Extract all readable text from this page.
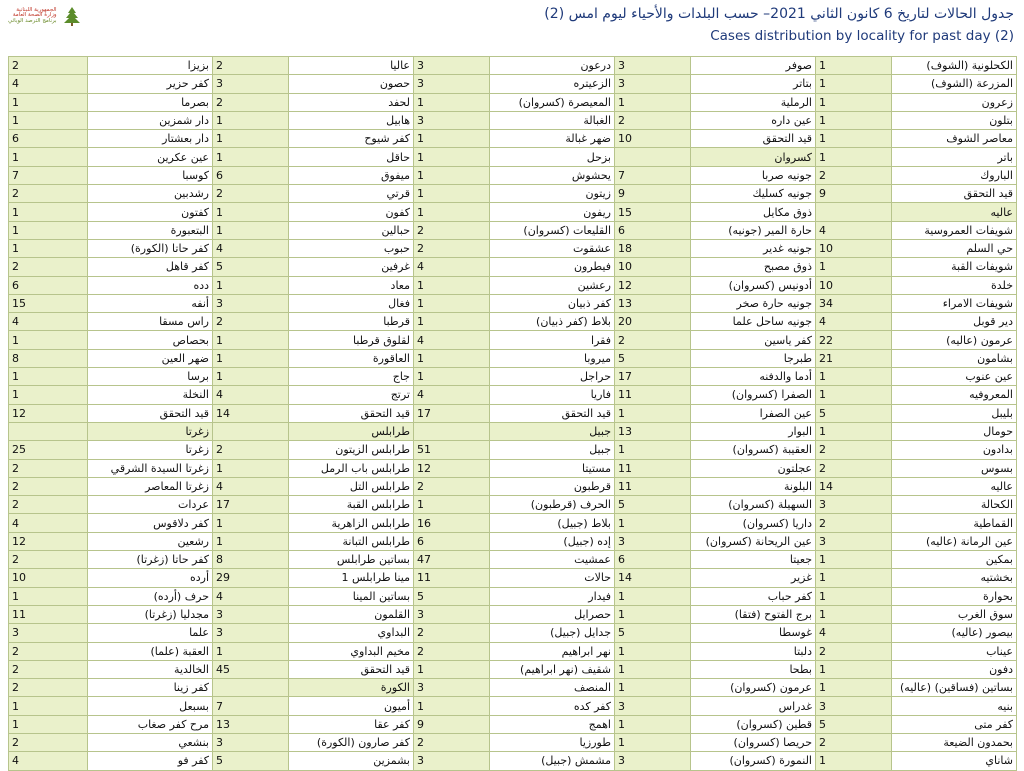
الجمهورية اللبنانية
وزارة الصحة العامة
برنامج الترصد الوبائي	جدول الحالات لتاريخ 6 كانون الثاني 2021– حسب البلدات والأحياء ليوم امس (2)
Cases distribution by locality for past day (2)
الكحلونية (الشوف)	1	صوفر	3	درعون	3	عاليا	2	بزيزا	2
المزرعة (الشوف)	1	بتاتر	3	الزعيتره	3	حصون	3	كفر حزير	4
زعرون	1	الرملية	1	المعيصرة (كسروان)	1	لحفد	2	بصرما	1
بتلون	1	عين داره	2	الغبالة	3	هابيل	1	دار شمزين	1
معاصر الشوف	1	قيد التحقق	10	ضهر غبالة	1	كفر شيوح	1	دار بعشتار	6
باتر	1	كسروان		بزحل	1	حاقل	1	عين عكرين	1
الباروك	2	جونيه صربا	7	يحشوش	1	ميفوق	6	كوسبا	7
قيد التحقق	9	جونيه كسليك	9	زيتون	1	قرتي	2	رشدبين	2
عاليه		ذوق مكايل	15	ريفون	1	كفون	1	كفتون	1
شويفات العمروسية	4	حارة المير (جونيه)	6	القليعات (كسروان)	2	حبالين	1	البتعبورة	1
حي السلم	10	جونيه غدير	18	عشقوت	2	حبوب	4	كفر حاتا (الكورة)	1
شويفات القبة	1	ذوق مصبح	10	فيطرون	4	غرفين	5	كفر قاهل	2
خلدة	10	أدونيس (كسروان)	12	رعشين	1	معاد	1	دده	6
شويفات الامراء	34	جونيه حارة صخر	13	كفر ذبيان	1	فغال	3	أنفه	15
دير قوبل	4	جونيه ساحل علما	20	بلاط (كفر ذبيان)	1	قرطبا	2	راس مسقا	4
عرمون (عاليه)	22	كفر ياسين	2	فقرا	4	لقلوق قرطبا	1	بحصاص	1
بشامون	21	طبرجا	5	ميروبا	1	العاقورة	1	ضهر العين	8
عين عنوب	1	أدما والدفنه	17	حراجل	1	جاج	1	برسا	1
المعروفيه	1	الصفرا (كسروان)	11	فاريا	4	ترتج	4	النخلة	1
بليبل	5	عين الصفرا	1	قيد التحقق	17	قيد التحقق	14	قيد التحقق	12
حومال	1	البوار	13	جبيل		طرابلس		زغرتا	
بدادون	2	العقيبة (كسروان)	1	جبيل	51	طرابلس الزيتون	2	زغرتا	25
بسوس	2	عجلتون	11	مستيتا	12	طرابلس باب الرمل	1	زغرتا السيدة الشرقي	2
عاليه	14	البلونة	11	قرطبون	2	طرابلس التل	4	زغرتا المعاصر	2
الكحالة	3	السهيلة (كسروان)	5	الحرف (قرطبون)	1	طرابلس القبة	17	عردات	2
القماطية	2	داريا (كسروان)	1	بلاط (جبيل)	16	طرابلس الزاهرية	1	كفر دلاقوس	4
عين الرمانة (عاليه)	3	عين الريحانة (كسروان)	3	إده (جبيل)	6	طرابلس التبانة	1	رشعين	12
بمكين	1	جعيتا	6	عمشيت	47	بساتين طرابلس	8	كفر حاتا (زغرتا)	2
بخشتيه	1	غزير	14	حالات	11	مينا طرابلس 1	29	أرده	10
بحوارة	1	كفر حباب	1	فيدار	5	بساتين المينا	4	حرف (أرده)	1
سوق الغرب	1	برج الفتوح (فتقا)	1	حصرايل	3	القلمون	3	مجدليا (زغرتا)	11
بيصور (عاليه)	4	غوسطا	5	جدايل (جبيل)	2	البداوي	3	علما	3
عيناب	2	دلبتا	1	نهر ابراهيم	2	مخيم البداوي	1	العقبة (علما)	2
دفون	1	بطحا	1	شقيف (نهر ابراهيم)	1	قيد التحقق	45	الخالدية	2
بساتين (فساقين) (عاليه)	1	عرمون (كسروان)	1	المنصف	3	الكورة		كفر زينا	2
بنيه	3	غدراس	3	كفر كده	1	أميون	7	بسبعل	1
كفر متى	5	قطين (كسروان)	1	اهمج	9	كفر عقا	13	مرح كفر صغاب	1
بحمدون الضيعة	2	حريصا (كسروان)	1	طورزيا	2	كفر صارون (الكورة)	3	بنشعي	2
شاناي	1	النمورة (كسروان)	3	مشمش (جبيل)	3	بشمزين	5	كفر فو	4
